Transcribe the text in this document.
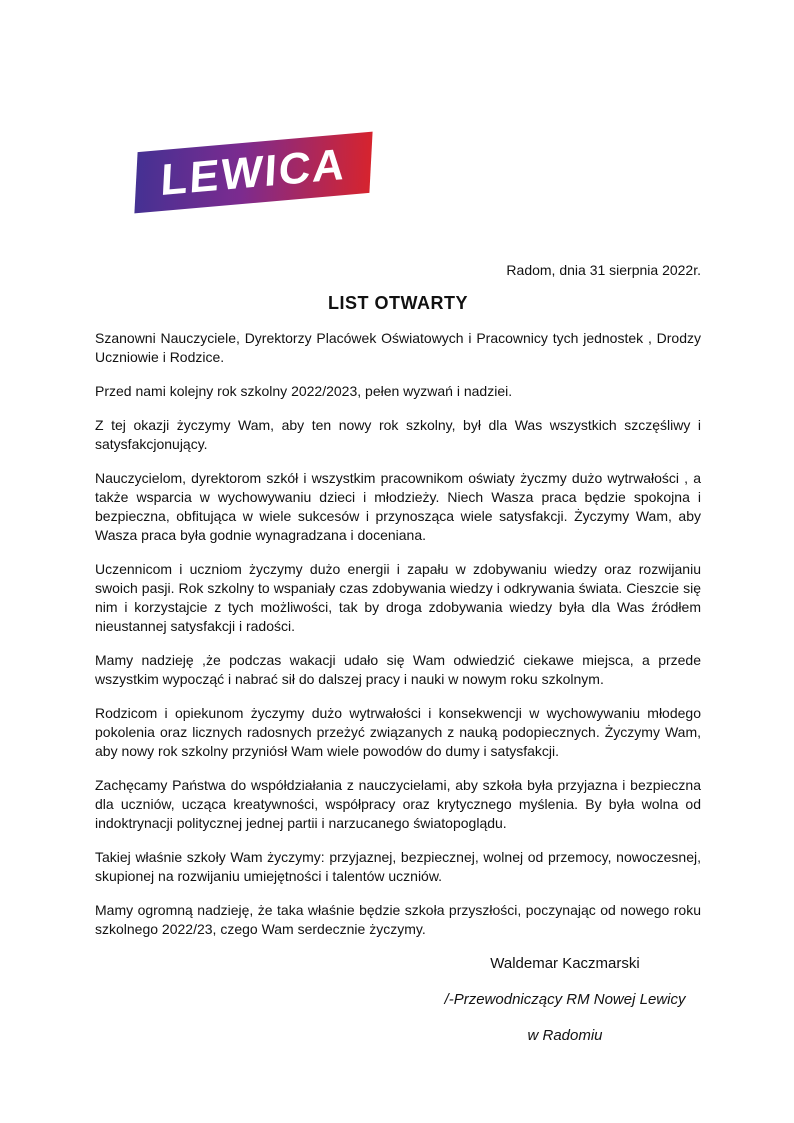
LEWICA

Radom, dnia 31 sierpnia 2022r.

LIST OTWARTY

Szanowni Nauczyciele, Dyrektorzy Placówek Oświatowych i Pracownicy tych jednostek , Drodzy Uczniowie i Rodzice.

Przed nami kolejny rok szkolny 2022/2023, pełen wyzwań i nadziei.

Z tej okazji życzymy Wam, aby ten nowy rok szkolny, był dla Was wszystkich szczęśliwy i satysfakcjonujący.

Nauczycielom, dyrektorom szkół i wszystkim pracownikom oświaty życzmy dużo wytrwałości , a także wsparcia w wychowywaniu dzieci i młodzieży. Niech Wasza praca będzie spokojna i bezpieczna, obfitująca w wiele sukcesów i przynosząca wiele satysfakcji. Życzymy Wam, aby Wasza praca była godnie wynagradzana i doceniana.

Uczennicom i uczniom życzymy dużo energii i zapału w zdobywaniu wiedzy oraz rozwijaniu swoich pasji. Rok szkolny to wspaniały czas zdobywania wiedzy i odkrywania świata. Cieszcie się nim i korzystajcie z tych możliwości, tak by droga zdobywania wiedzy była dla Was źródłem nieustannej satysfakcji i radości.

Mamy nadzieję ,że podczas wakacji udało się Wam odwiedzić ciekawe miejsca, a przede wszystkim wypocząć i nabrać sił do dalszej pracy i nauki w nowym roku szkolnym.

Rodzicom i opiekunom życzymy dużo wytrwałości i konsekwencji w wychowywaniu młodego pokolenia oraz licznych radosnych przeżyć związanych z nauką podopiecznych. Życzymy Wam, aby nowy rok szkolny przyniósł Wam wiele powodów do dumy i satysfakcji.

Zachęcamy Państwa do współdziałania z nauczycielami, aby szkoła była przyjazna i bezpieczna dla uczniów, ucząca kreatywności, współpracy oraz krytycznego myślenia. By była wolna od indoktrynacji politycznej jednej partii i narzucanego światopoglądu.

Takiej właśnie szkoły Wam życzymy: przyjaznej, bezpiecznej, wolnej od przemocy, nowoczesnej, skupionej na rozwijaniu umiejętności i talentów uczniów.

Mamy ogromną nadzieję, że taka właśnie będzie szkoła przyszłości, poczynając od nowego roku szkolnego 2022/23, czego Wam serdecznie życzymy.

Waldemar Kaczmarski
/-Przewodniczący RM Nowej Lewicy
w Radomiu
